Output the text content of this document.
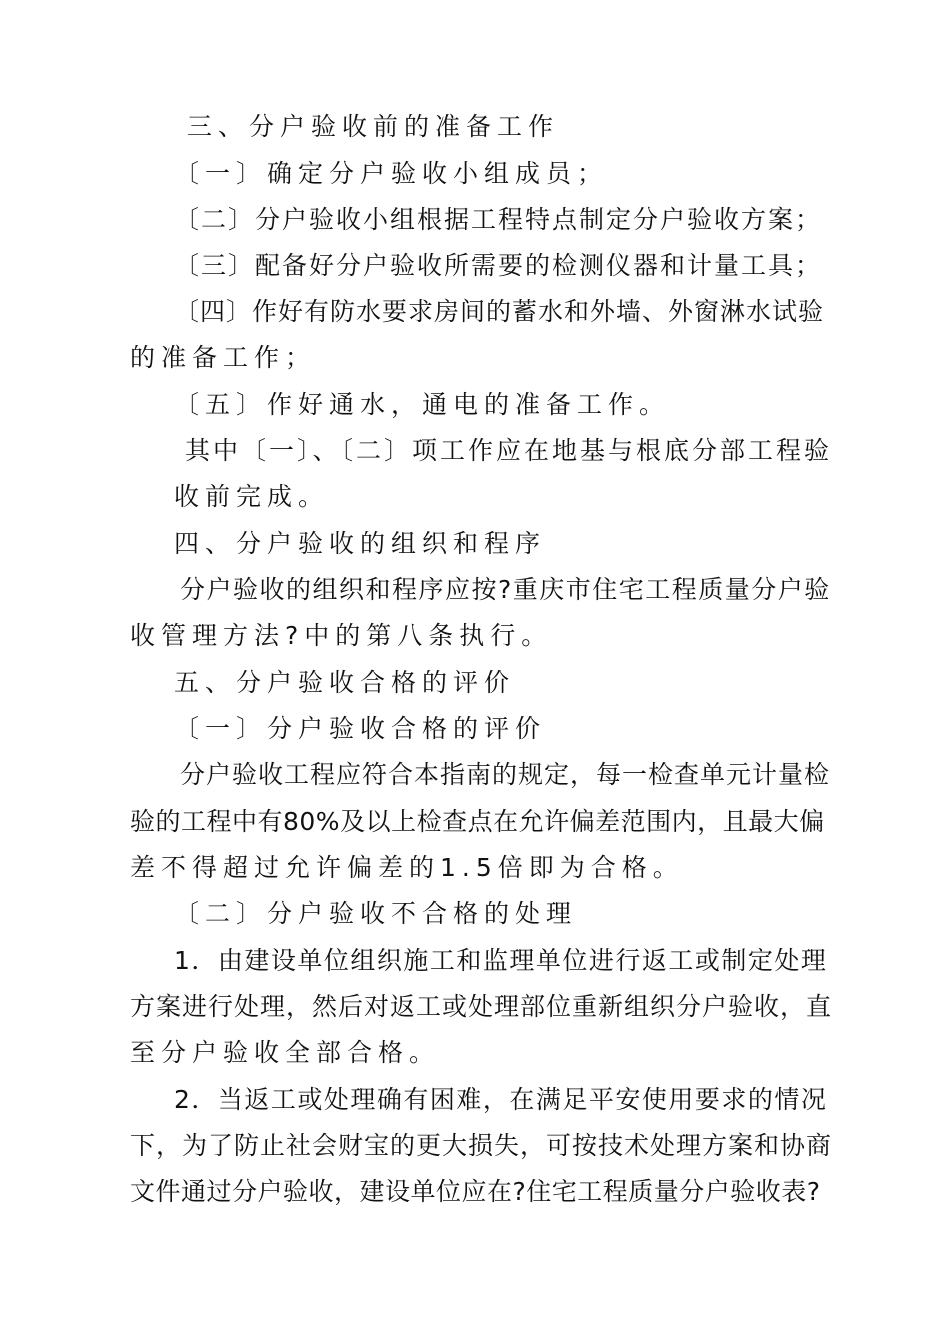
三、分户验收前的准备工作
〔一〕确定分户验收小组成员；
〔二〕分户验收小组根据工程特点制定分户验收方案；
〔三〕配备好分户验收所需要的检测仪器和计量工具；
〔四〕作好有防水要求房间的蓄水和外墙、外窗淋水试验
的准备工作；
〔五〕作好通水，通电的准备工作。
其中〔一〕、〔二〕项工作应在地基与根底分部工程验
收前完成。
四、分户验收的组织和程序
分户验收的组织和程序应按?重庆市住宅工程质量分户验
收管理方法?中的第八条执行。
五、分户验收合格的评价
〔一〕分户验收合格的评价
分户验收工程应符合本指南的规定，每一检查单元计量检
验的工程中有80%及以上检查点在允许偏差范围内，且最大偏
差不得超过允许偏差的1.5倍即为合格。
〔二〕分户验收不合格的处理
1．由建设单位组织施工和监理单位进行返工或制定处理
方案进行处理，然后对返工或处理部位重新组织分户验收，直
至分户验收全部合格。
2．当返工或处理确有困难，在满足平安使用要求的情况
下，为了防止社会财宝的更大损失，可按技术处理方案和协商
文件通过分户验收，建设单位应在?住宅工程质量分户验收表?
